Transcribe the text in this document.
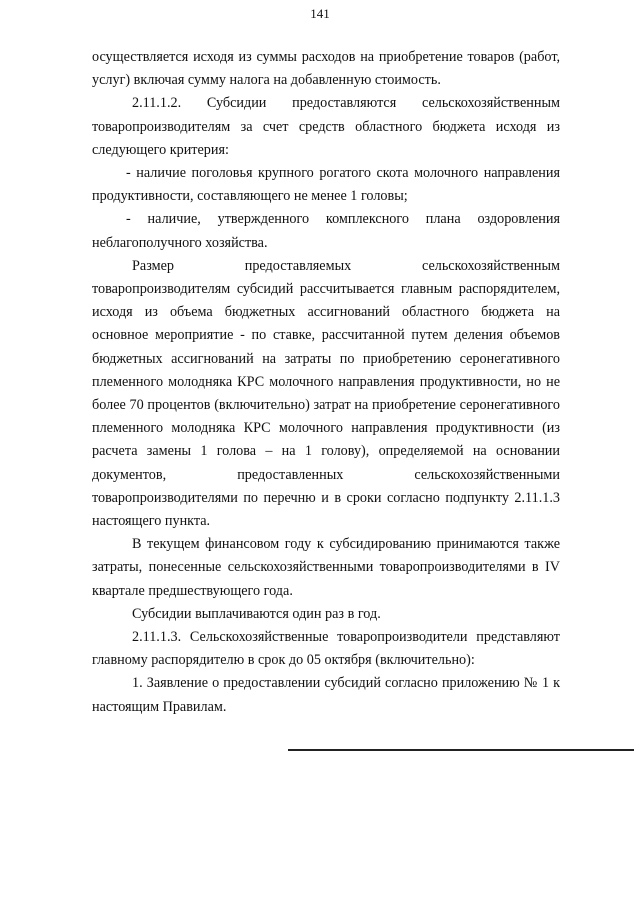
141

осуществляется исходя из суммы расходов на приобретение товаров (работ, услуг) включая сумму налога на добавленную стоимость.

2.11.1.2. Субсидии предоставляются сельскохозяйственным товаропроизводителям за счет средств областного бюджета исходя из следующего критерия:

- наличие поголовья крупного рогатого скота молочного направления продуктивности, составляющего не менее 1 головы;

- наличие, утвержденного комплексного плана оздоровления неблагополучного хозяйства.

Размер предоставляемых сельскохозяйственным товаропроизводителям субсидий рассчитывается главным распорядителем, исходя из объема бюджетных ассигнований областного бюджета на основное мероприятие - по ставке, рассчитанной путем деления объемов бюджетных ассигнований на затраты по приобретению серонегативного племенного молодняка КРС молочного направления продуктивности, но не более 70 процентов (включительно) затрат на приобретение серонегативного племенного молодняка КРС молочного направления продуктивности (из расчета замены 1 голова – на 1 голову), определяемой на основании документов, предоставленных сельскохозяйственными товаропроизводителями по перечню и в сроки согласно подпункту 2.11.1.3 настоящего пункта.

В текущем финансовом году к субсидированию принимаются также затраты, понесенные сельскохозяйственными товаропроизводителями в IV квартале предшествующего года.

Субсидии выплачиваются один раз в год.

2.11.1.3. Сельскохозяйственные товаропроизводители представляют главному распорядителю в срок до 05 октября (включительно):

1. Заявление о предоставлении субсидий согласно приложению № 1 к настоящим Правилам.
